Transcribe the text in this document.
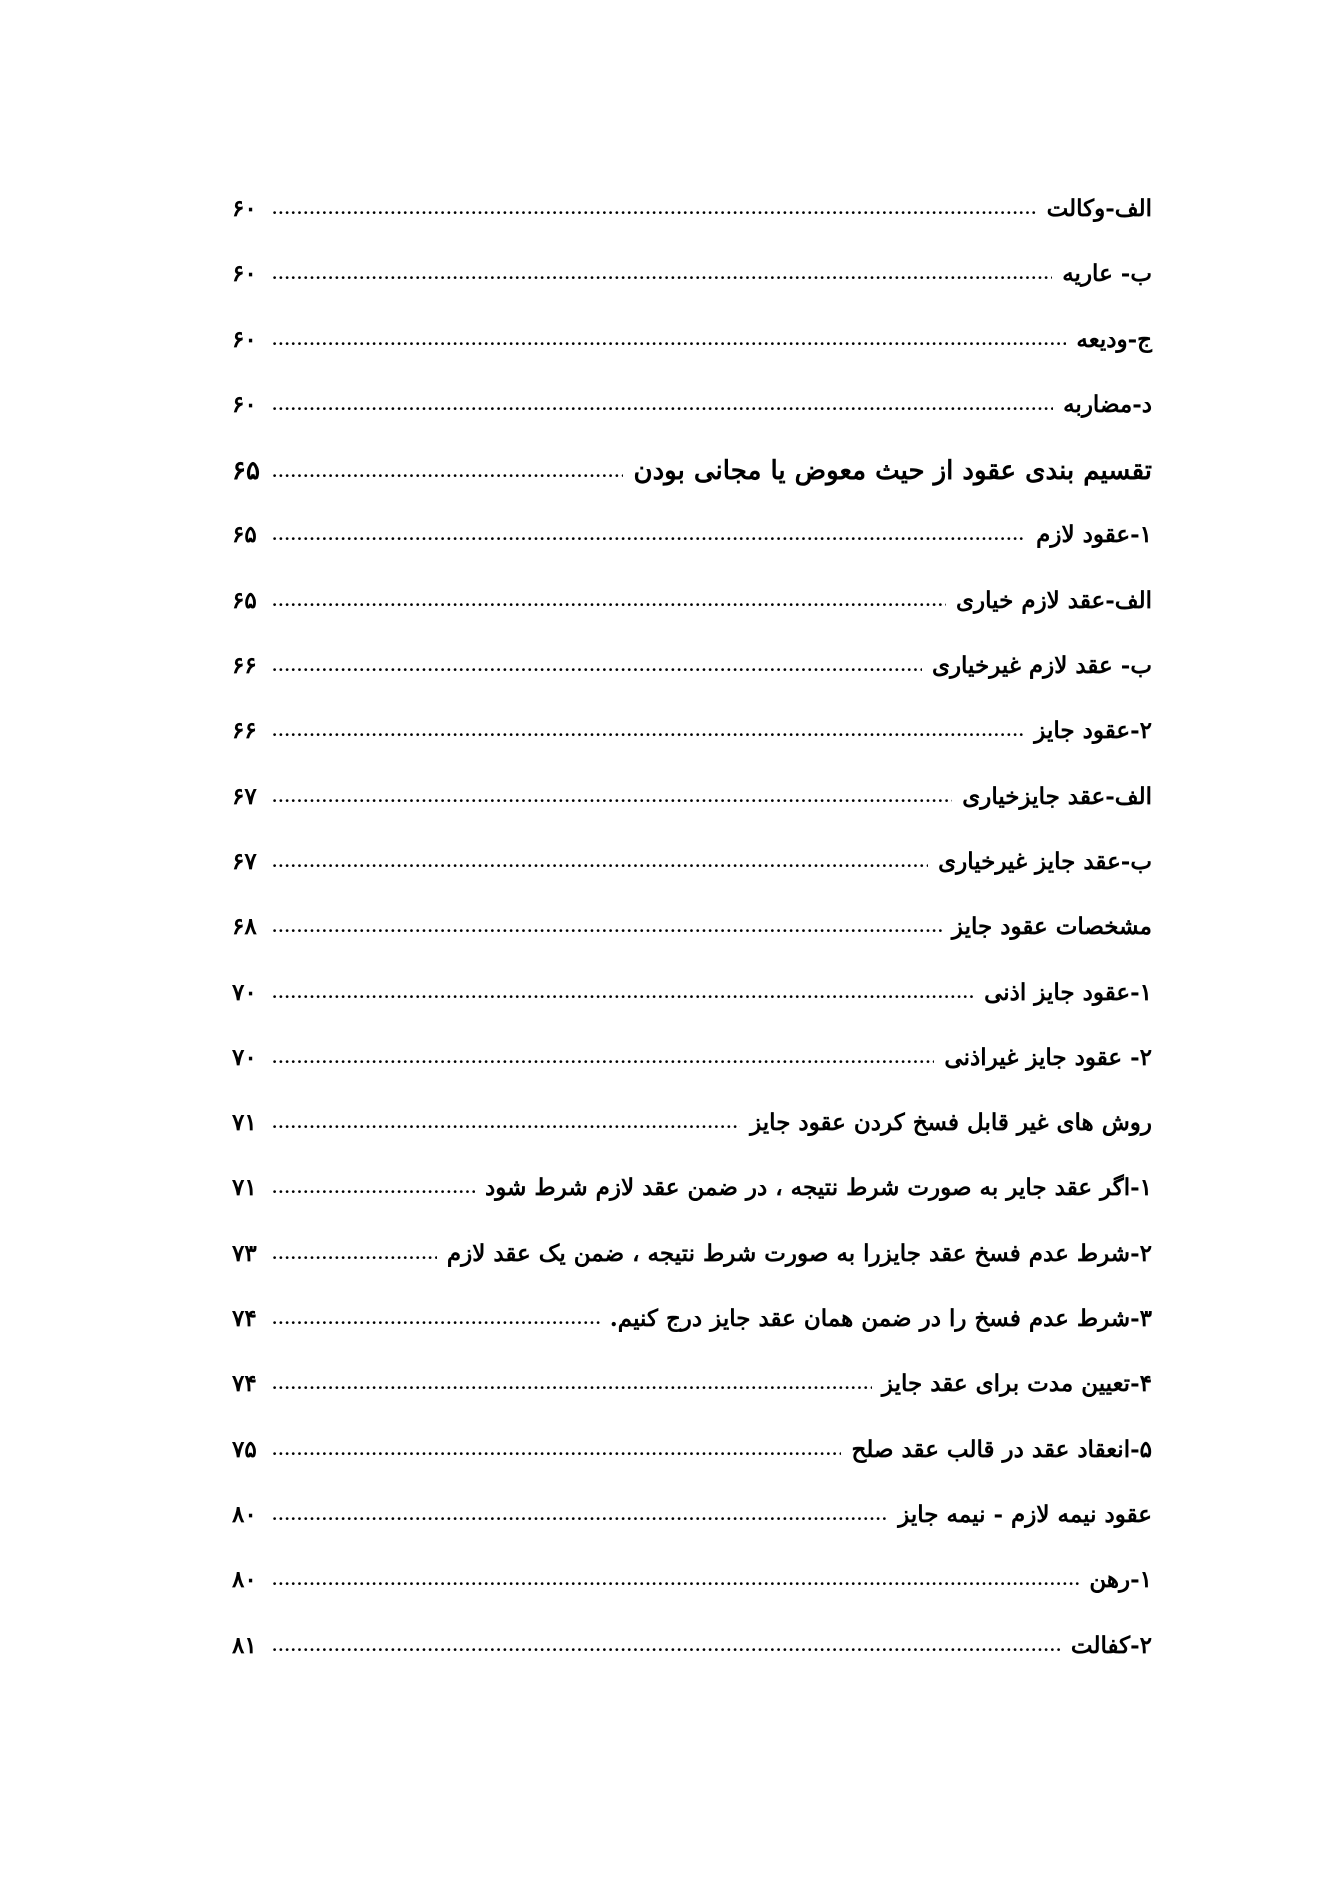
الف-وکالت
.....
۶۰
ب- عاریه
.....
۶۰
ج-ودیعه
.....
۶۰
د-مضاربه
.....
۶۰
تقسیم بندی عقود از حیث معوض یا مجانی بودن
.....
۶۵
۱-عقود لازم
.....
۶۵
الف-عقد لازم خیاری
.....
۶۵
ب- عقد لازم غیرخیاری
.....
۶۶
۲-عقود جایز
.....
۶۶
الف-عقد جایزخیاری
.....
۶۷
ب-عقد جایز غیرخیاری
.....
۶۷
مشخصات عقود جایز
.....
۶۸
۱-عقود جایز اذنی
.....
۷۰
۲- عقود جایز غیراذنی
.....
۷۰
روش های غیر قابل فسخ کردن عقود جایز
.....
۷۱
۱-اگر عقد جایر به صورت شرط نتیجه ، در ضمن عقد لازم شرط شود
.....
۷۱
۲-شرط عدم فسخ عقد جایزرا به صورت شرط نتیجه ، ضمن یک عقد لازم
.....
۷۳
۳-شرط عدم فسخ را در ضمن همان عقد جایز درج کنیم.
.....
۷۴
۴-تعیین مدت برای عقد جایز
.....
۷۴
۵-انعقاد عقد در قالب عقد صلح
.....
۷۵
عقود نیمه لازم - نیمه جایز
.....
۸۰
۱-رهن
.....
۸۰
۲-کفالت
.....
۸۱
